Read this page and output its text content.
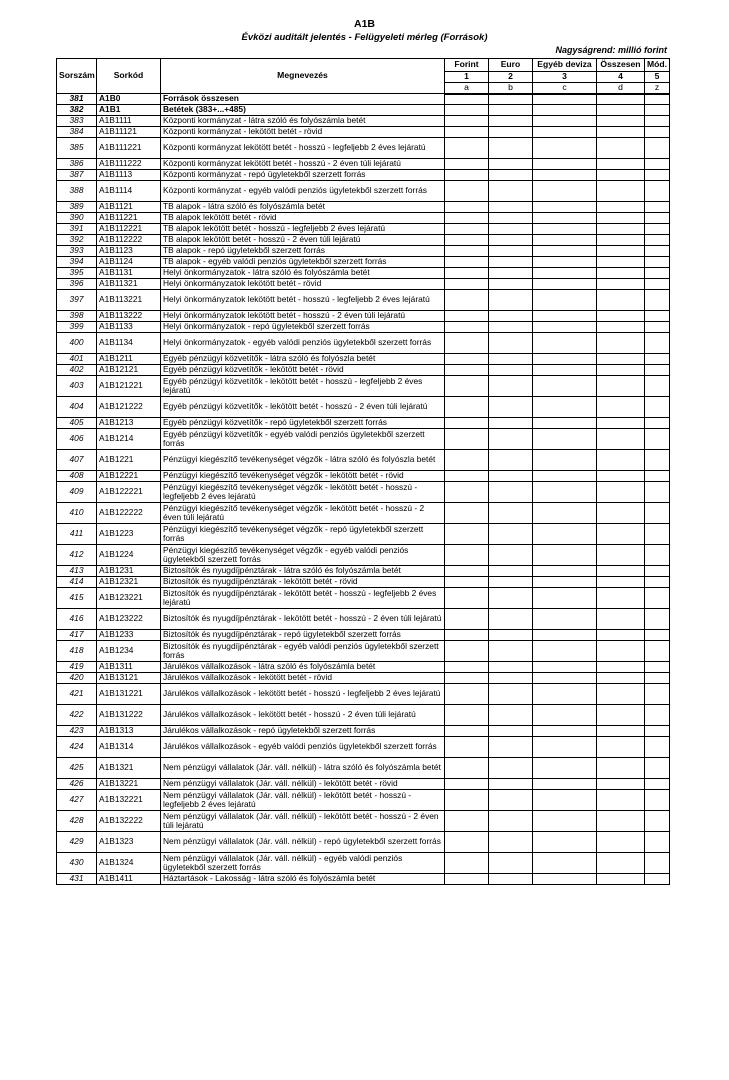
A1B
Évközi auditált jelentés - Felügyeleti mérleg (Források)
Nagyságrend: millió forint
Sorszám	Sorkód	Megnevezés	Forint	Euro	Egyéb deviza	Összesen	Mód.
			1	2	3	4	5
			a	b	c	d	z
381	A1B0	Források összesen					
382	A1B1	Betétek (383+...+485)					
383	A1B1111	Központi kormányzat - látra szóló és folyószámla betét					
384	A1B11121	Központi kormányzat - lekötött betét - rövid					
385	A1B111221	Központi kormányzat lekötött betét - hosszú - legfeljebb 2 éves lejáratú					
386	A1B111222	Központi kormányzat lekötött betét - hosszú - 2 éven túli lejáratú					
387	A1B1113	Központi kormányzat - repó ügyletekből szerzett forrás					
388	A1B1114	Központi kormányzat - egyéb valódi penziós ügyletekből szerzett forrás					
389	A1B1121	TB alapok - látra szóló és folyószámla betét					
390	A1B11221	TB alapok lekötött betét - rövid					
391	A1B112221	TB alapok lekötött betét - hosszú - legfeljebb 2 éves lejáratú					
392	A1B112222	TB alapok lekötött betét - hosszú - 2 éven túli lejáratú					
393	A1B1123	TB alapok - repó ügyletekből szerzett forrás					
394	A1B1124	TB alapok - egyéb valódi penziós ügyletekből szerzett forrás					
395	A1B1131	Helyi önkormányzatok - látra szóló és folyószámla betét					
396	A1B11321	Helyi önkormányzatok lekötött betét - rövid					
397	A1B113221	Helyi önkormányzatok lekötött betét - hosszú - legfeljebb 2 éves lejáratú					
398	A1B113222	Helyi önkormányzatok lekötött betét - hosszú - 2 éven túli lejáratú					
399	A1B1133	Helyi önkormányzatok - repó ügyletekből szerzett forrás					
400	A1B1134	Helyi önkormányzatok - egyéb valódi penziós ügyletekből szerzett forrás					
401	A1B1211	Egyéb pénzügyi közvetítők - látra szóló és folyószla betét					
402	A1B12121	Egyéb pénzügyi közvetítők - lekötött betét - rövid					
403	A1B121221	Egyéb pénzügyi közvetítők - lekötött betét - hosszú - legfeljebb 2 éves lejáratú					
404	A1B121222	Egyéb pénzügyi közvetítők - lekötött betét - hosszú - 2 éven túli lejáratú					
405	A1B1213	Egyéb pénzügyi közvetítők - repó ügyletekből szerzett forrás					
406	A1B1214	Egyéb pénzügyi közvetítők - egyéb valódi penziós ügyletekből szerzett forrás					
407	A1B1221	Pénzügyi kiegészítő tevékenységet végzők - látra szóló és folyószla betét					
408	A1B12221	Pénzügyi kiegészítő tevékenységet végzők - lekötött betét - rövid					
409	A1B122221	Pénzügyi kiegészítő tevékenységet végzők - lekötött betét - hosszú - legfeljebb 2 éves lejáratú					
410	A1B122222	Pénzügyi kiegészítő tevékenységet végzők - lekötött betét - hosszú - 2 éven túli lejáratú					
411	A1B1223	Pénzügyi kiegészítő tevékenységet végzők - repó ügyletekből szerzett forrás					
412	A1B1224	Pénzügyi kiegészítő tevékenységet végzők - egyéb valódi penziós ügyletekből szerzett forrás					
413	A1B1231	Biztosítók és nyugdíjpénztárak - látra szóló és folyószámla betét					
414	A1B12321	Biztosítók és nyugdíjpénztárak - lekötött betét - rövid					
415	A1B123221	Biztosítók és nyugdíjpénztárak - lekötött betét - hosszú - legfeljebb 2 éves lejáratú					
416	A1B123222	Biztosítók és nyugdíjpénztárak - lekötött betét - hosszú - 2 éven túli lejáratú					
417	A1B1233	Biztosítók és nyugdíjpénztárak - repó ügyletekből szerzett forrás					
418	A1B1234	Biztosítók és nyugdíjpénztárak - egyéb valódi penziós ügyletekből szerzett forrás					
419	A1B1311	Járulékos vállalkozások - látra szóló és folyószámla betét					
420	A1B13121	Járulékos vállalkozások - lekötött betét - rövid					
421	A1B131221	Járulékos vállalkozások - lekötött betét - hosszú - legfeljebb 2 éves lejáratú					
422	A1B131222	Járulékos vállalkozások - lekötött betét - hosszú - 2 éven túli lejáratú					
423	A1B1313	Járulékos vállalkozások - repó ügyletekből szerzett forrás					
424	A1B1314	Járulékos vállalkozások - egyéb valódi penziós ügyletekből szerzett forrás					
425	A1B1321	Nem pénzügyi vállalatok (Jár. váll. nélkül) - látra szóló és folyószámla betét					
426	A1B13221	Nem pénzügyi vállalatok (Jár. váll. nélkül) - lekötött betét - rövid					
427	A1B132221	Nem pénzügyi vállalatok (Jár. váll. nélkül) - lekötött betét - hosszú - legfeljebb 2 éves lejáratú					
428	A1B132222	Nem pénzügyi vállalatok (Jár. váll. nélkül) - lekötött betét - hosszú - 2 éven túli lejáratú					
429	A1B1323	Nem pénzügyi vállalatok (Jár. váll. nélkül) - repó ügyletekből szerzett forrás					
430	A1B1324	Nem pénzügyi vállalatok (Jár. váll. nélkül) - egyéb valódi penziós ügyletekből szerzett forrás					
431	A1B1411	Háztartások - Lakosság - látra szóló és folyószámla betét					
